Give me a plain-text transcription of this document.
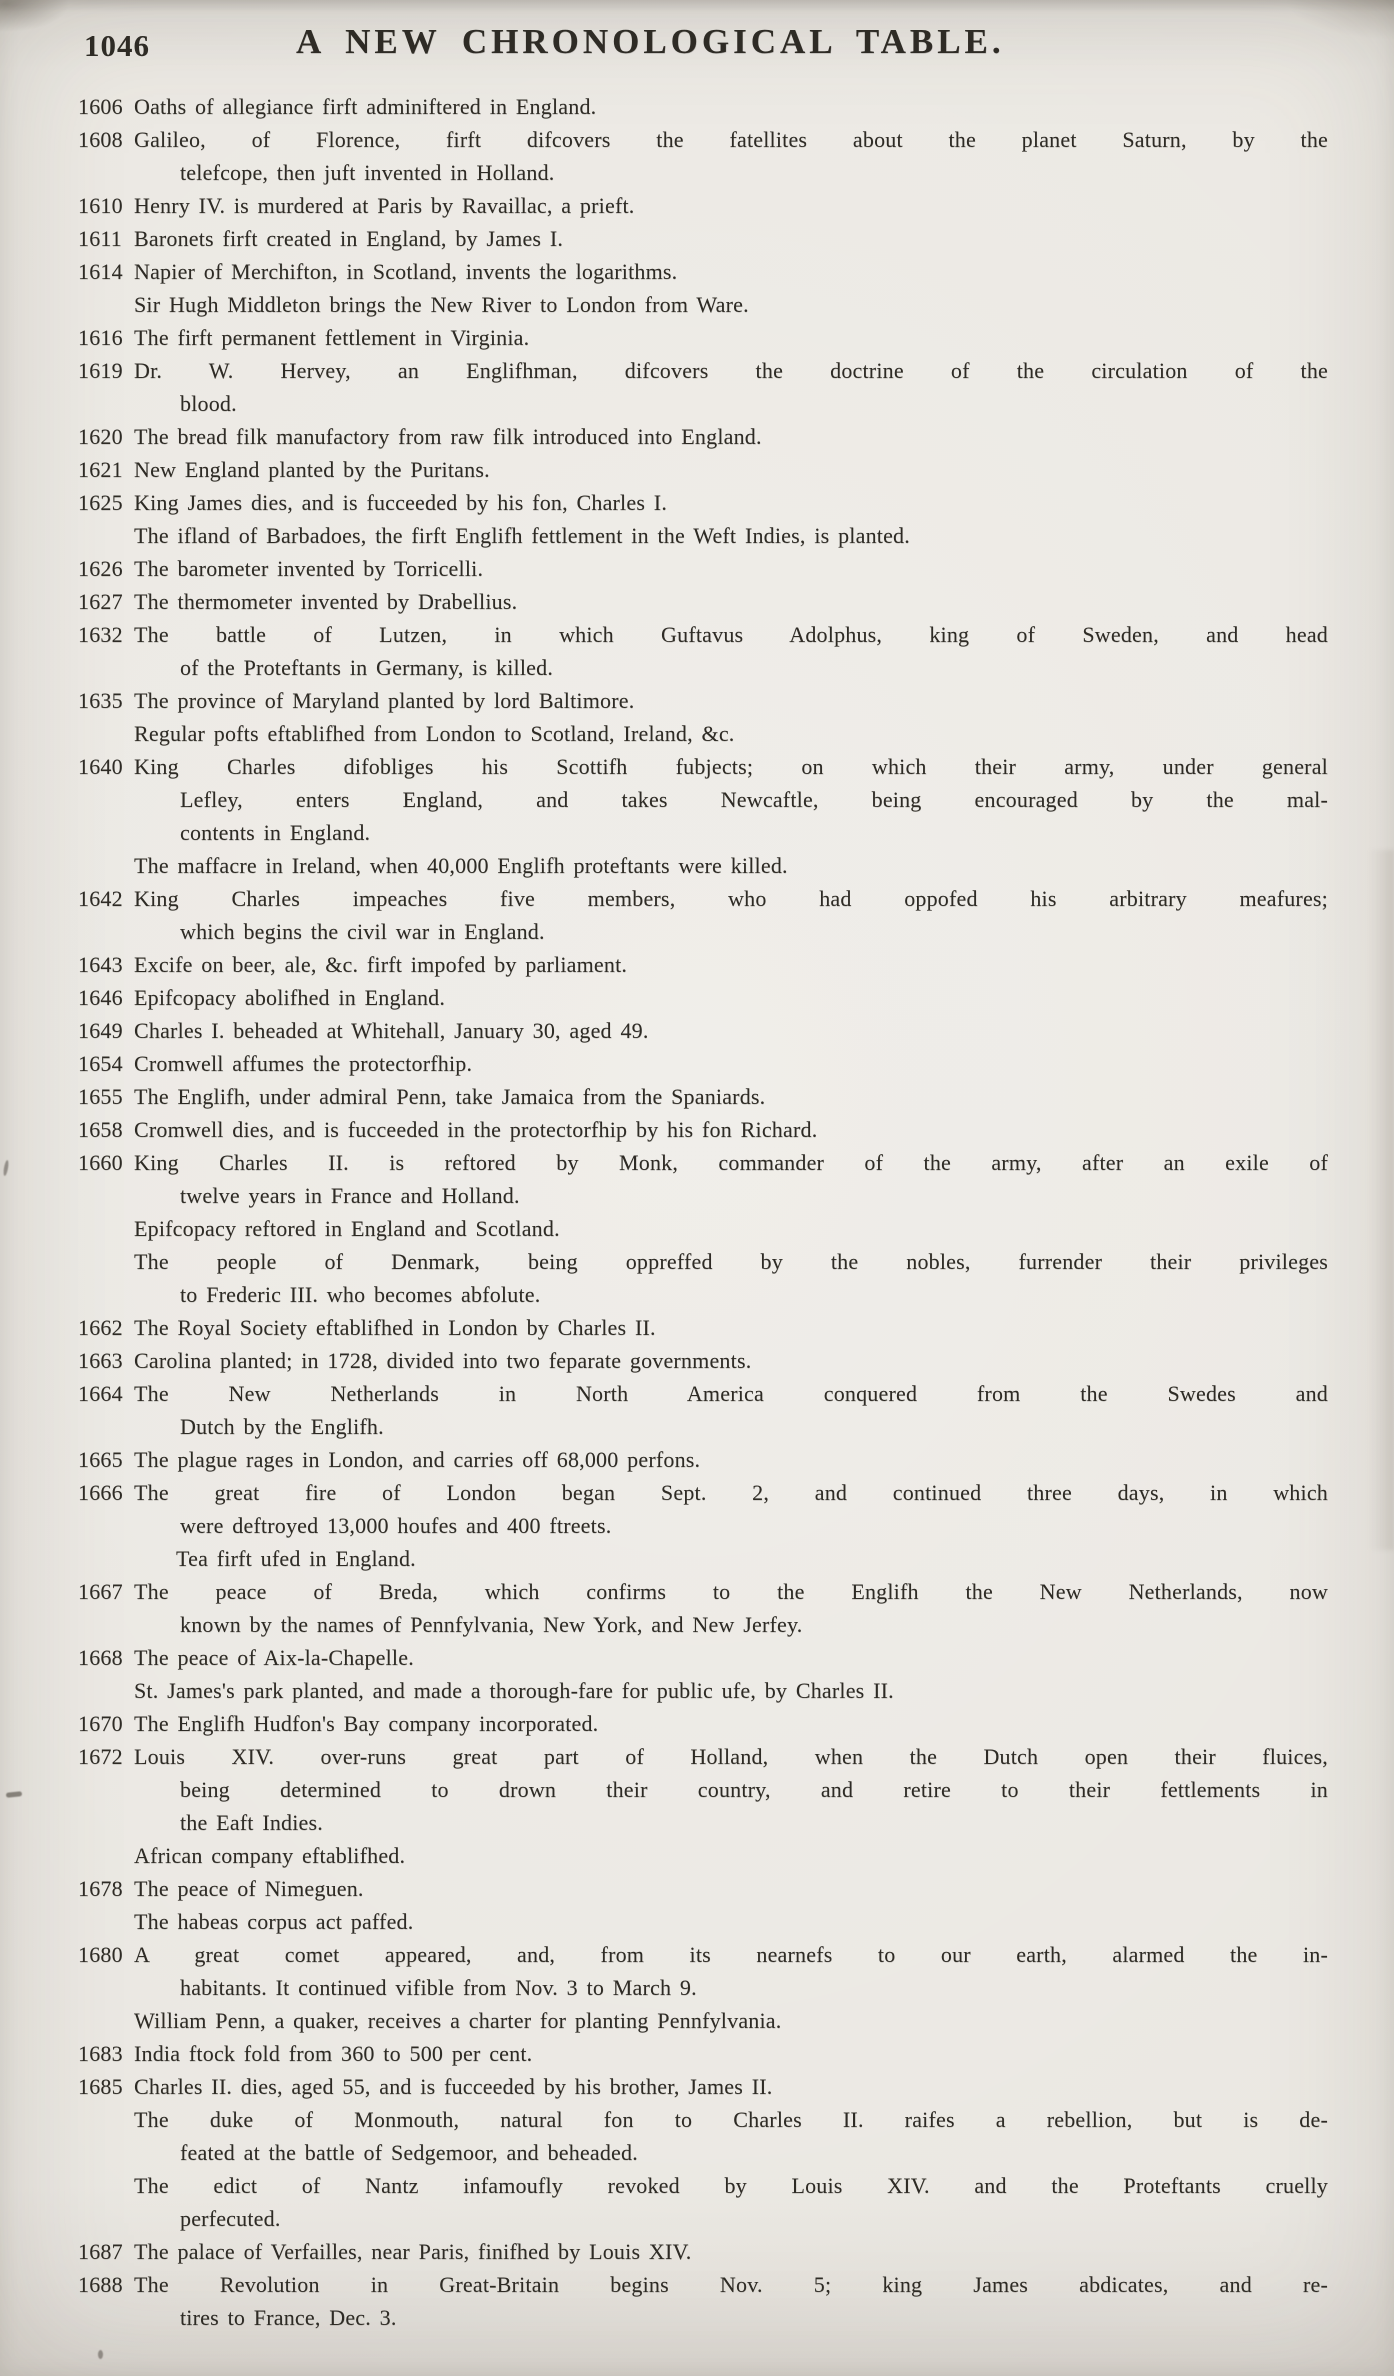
1046	A NEW CHRONOLOGICAL TABLE.
1606 Oaths of allegiance firft adminiftered in England.
1608 Galileo, of Florence, firft difcovers the fatellites about the planet Saturn, by the
telefcope, then juft invented in Holland.
1610 Henry IV. is murdered at Paris by Ravaillac, a prieft.
1611 Baronets firft created in England, by James I.
1614 Napier of Merchifton, in Scotland, invents the logarithms.
Sir Hugh Middleton brings the New River to London from Ware.
1616 The firft permanent fettlement in Virginia.
1619 Dr. W. Hervey, an Englifhman, difcovers the doctrine of the circulation of the
blood.
1620 The bread filk manufactory from raw filk introduced into England.
1621 New England planted by the Puritans.
1625 King James dies, and is fucceeded by his fon, Charles I.
The ifland of Barbadoes, the firft Englifh fettlement in the Weft Indies, is planted.
1626 The barometer invented by Torricelli.
1627 The thermometer invented by Drabellius.
1632 The battle of Lutzen, in which Guftavus Adolphus, king of Sweden, and head
of the Proteftants in Germany, is killed.
1635 The province of Maryland planted by lord Baltimore.
Regular pofts eftablifhed from London to Scotland, Ireland, &c.
1640 King Charles difobliges his Scottifh fubjects; on which their army, under general
Lefley, enters England, and takes Newcaftle, being encouraged by the mal-
contents in England.
The maffacre in Ireland, when 40,000 Englifh proteftants were killed.
1642 King Charles impeaches five members, who had oppofed his arbitrary meafures;
which begins the civil war in England.
1643 Excife on beer, ale, &c. firft impofed by parliament.
1646 Epifcopacy abolifhed in England.
1649 Charles I. beheaded at Whitehall, January 30, aged 49.
1654 Cromwell affumes the protectorfhip.
1655 The Englifh, under admiral Penn, take Jamaica from the Spaniards.
1658 Cromwell dies, and is fucceeded in the protectorfhip by his fon Richard.
1660 King Charles II. is reftored by Monk, commander of the army, after an exile of
twelve years in France and Holland.
Epifcopacy reftored in England and Scotland.
The people of Denmark, being oppreffed by the nobles, furrender their privileges
to Frederic III. who becomes abfolute.
1662 The Royal Society eftablifhed in London by Charles II.
1663 Carolina planted; in 1728, divided into two feparate governments.
1664 The New Netherlands in North America conquered from the Swedes and
Dutch by the Englifh.
1665 The plague rages in London, and carries off 68,000 perfons.
1666 The great fire of London began Sept. 2, and continued three days, in which
were deftroyed 13,000 houfes and 400 ftreets.
Tea firft ufed in England.
1667 The peace of Breda, which confirms to the Englifh the New Netherlands, now
known by the names of Pennfylvania, New York, and New Jerfey.
1668 The peace of Aix-la-Chapelle.
St. James's park planted, and made a thorough-fare for public ufe, by Charles II.
1670 The Englifh Hudfon's Bay company incorporated.
1672 Louis XIV. over-runs great part of Holland, when the Dutch open their fluices,
being determined to drown their country, and retire to their fettlements in
the Eaft Indies.
African company eftablifhed.
1678 The peace of Nimeguen.
The habeas corpus act paffed.
1680 A great comet appeared, and, from its nearnefs to our earth, alarmed the in-
habitants. It continued vifible from Nov. 3 to March 9.
William Penn, a quaker, receives a charter for planting Pennfylvania.
1683 India ftock fold from 360 to 500 per cent.
1685 Charles II. dies, aged 55, and is fucceeded by his brother, James II.
The duke of Monmouth, natural fon to Charles II. raifes a rebellion, but is de-
feated at the battle of Sedgemoor, and beheaded.
The edict of Nantz infamoufly revoked by Louis XIV. and the Proteftants cruelly
perfecuted.
1687 The palace of Verfailles, near Paris, finifhed by Louis XIV.
1688 The Revolution in Great-Britain begins Nov. 5; king James abdicates, and re-
tires to France, Dec. 3.
